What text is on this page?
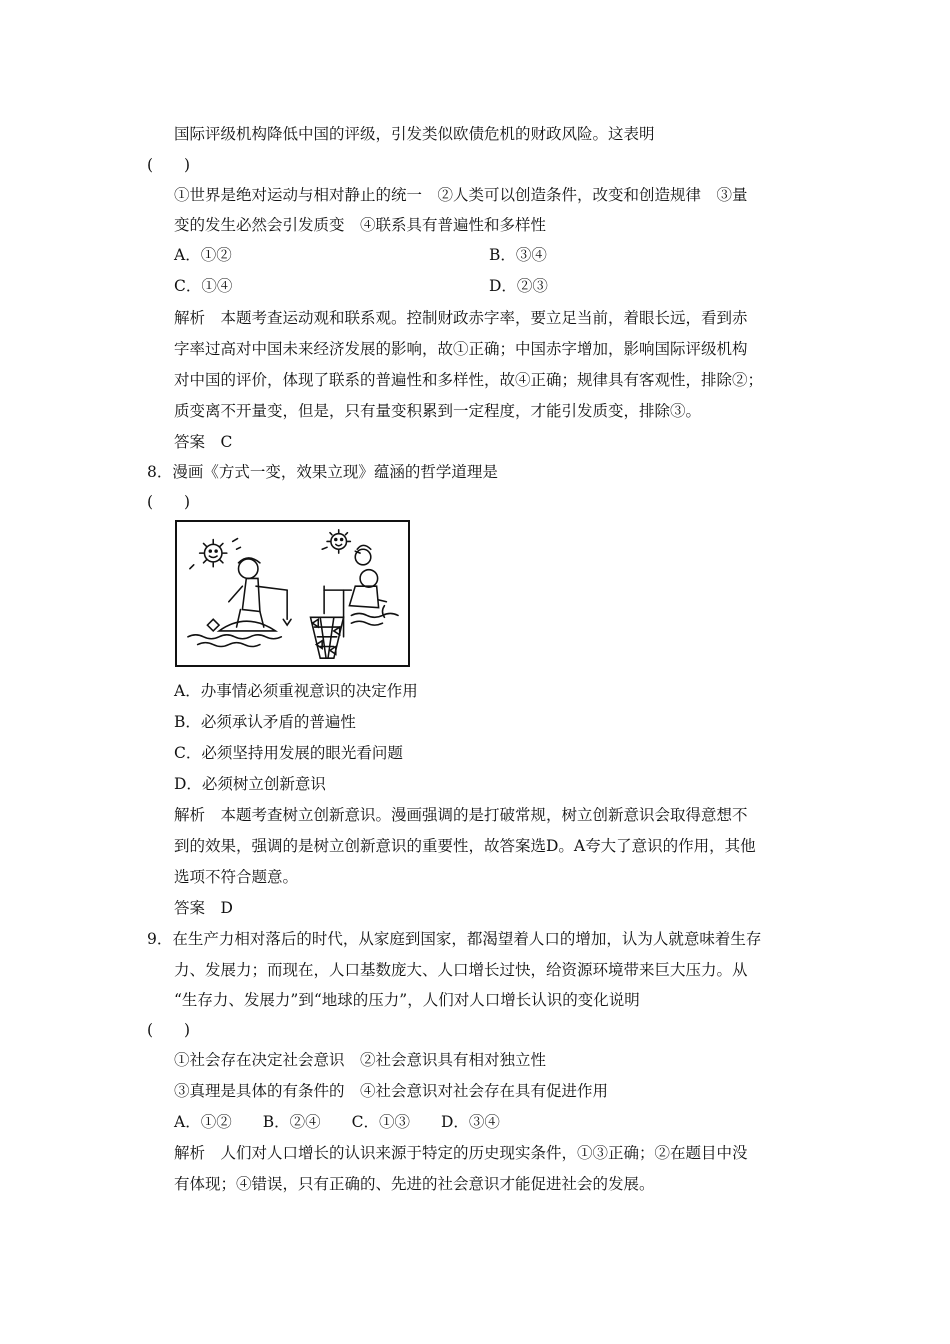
国际评级机构降低中国的评级，引发类似欧债危机的财政风险。这表明
(　　)
①世界是绝对运动与相对静止的统一　②人类可以创造条件，改变和创造规律　③量
变的发生必然会引发质变　④联系具有普遍性和多样性
A．①②	B．③④
C．①④	D．②③
解析　本题考查运动观和联系观。控制财政赤字率，要立足当前，着眼长远，看到赤
字率过高对中国未来经济发展的影响，故①正确；中国赤字增加，影响国际评级机构
对中国的评价，体现了联系的普遍性和多样性，故④正确；规律具有客观性，排除②；
质变离不开量变，但是，只有量变积累到一定程度，才能引发质变，排除③。
答案　C
8．漫画《方式一变，效果立现》蕴涵的哲学道理是
(　　)
A．办事情必须重视意识的决定作用
B．必须承认矛盾的普遍性
C．必须坚持用发展的眼光看问题
D．必须树立创新意识
解析　本题考查树立创新意识。漫画强调的是打破常规，树立创新意识会取得意想不
到的效果，强调的是树立创新意识的重要性，故答案选D。A夸大了意识的作用，其他
选项不符合题意。
答案　D
9．在生产力相对落后的时代，从家庭到国家，都渴望着人口的增加，认为人就意味着生存
力、发展力；而现在，人口基数庞大、人口增长过快，给资源环境带来巨大压力。从
“生存力、发展力”到“地球的压力”，人们对人口增长认识的变化说明
(　　)
①社会存在决定社会意识　②社会意识具有相对独立性
③真理是具体的有条件的　④社会意识对社会存在具有促进作用
A．①②　　B．②④　　C．①③　　D．③④
解析　人们对人口增长的认识来源于特定的历史现实条件，①③正确；②在题目中没
有体现；④错误，只有正确的、先进的社会意识才能促进社会的发展。
